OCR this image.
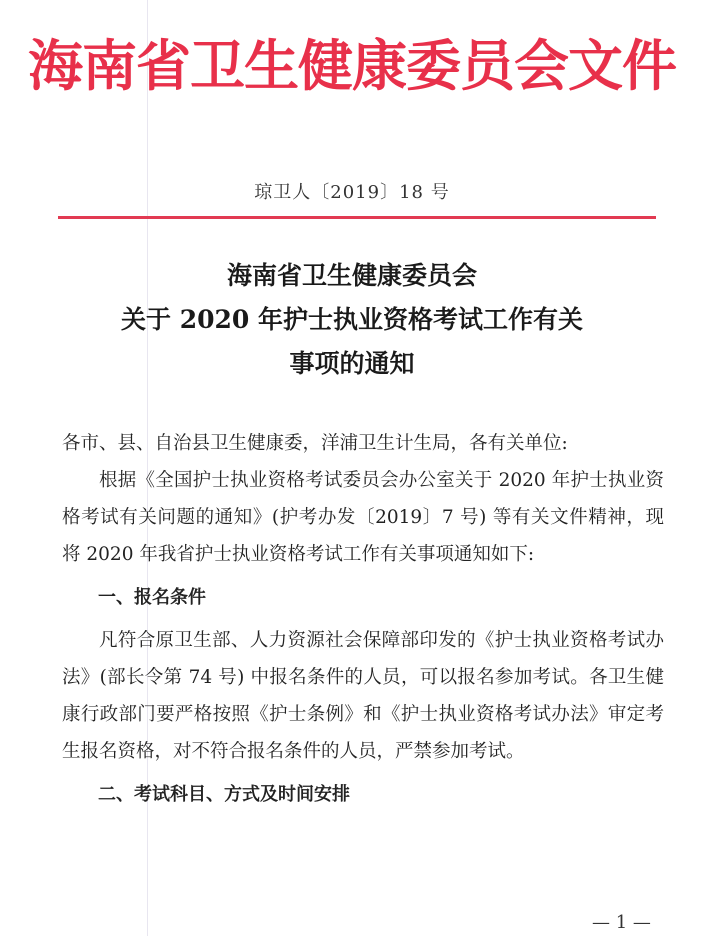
海南省卫生健康委员会文件
琼卫人〔2019〕18 号
海南省卫生健康委员会
关于 2020 年护士执业资格考试工作有关
事项的通知

各市、县、自治县卫生健康委，洋浦卫生计生局，各有关单位:

根据《全国护士执业资格考试委员会办公室关于 2020 年护士执业资格考试有关问题的通知》(护考办发〔2019〕7 号) 等有关文件精神，现将 2020 年我省护士执业资格考试工作有关事项通知如下:

一、报名条件

凡符合原卫生部、人力资源社会保障部印发的《护士执业资格考试办法》(部长令第 74 号) 中报名条件的人员，可以报名参加考试。各卫生健康行政部门要严格按照《护士条例》和《护士执业资格考试办法》审定考生报名资格，对不符合报名条件的人员，严禁参加考试。

二、考试科目、方式及时间安排

— 1 —
